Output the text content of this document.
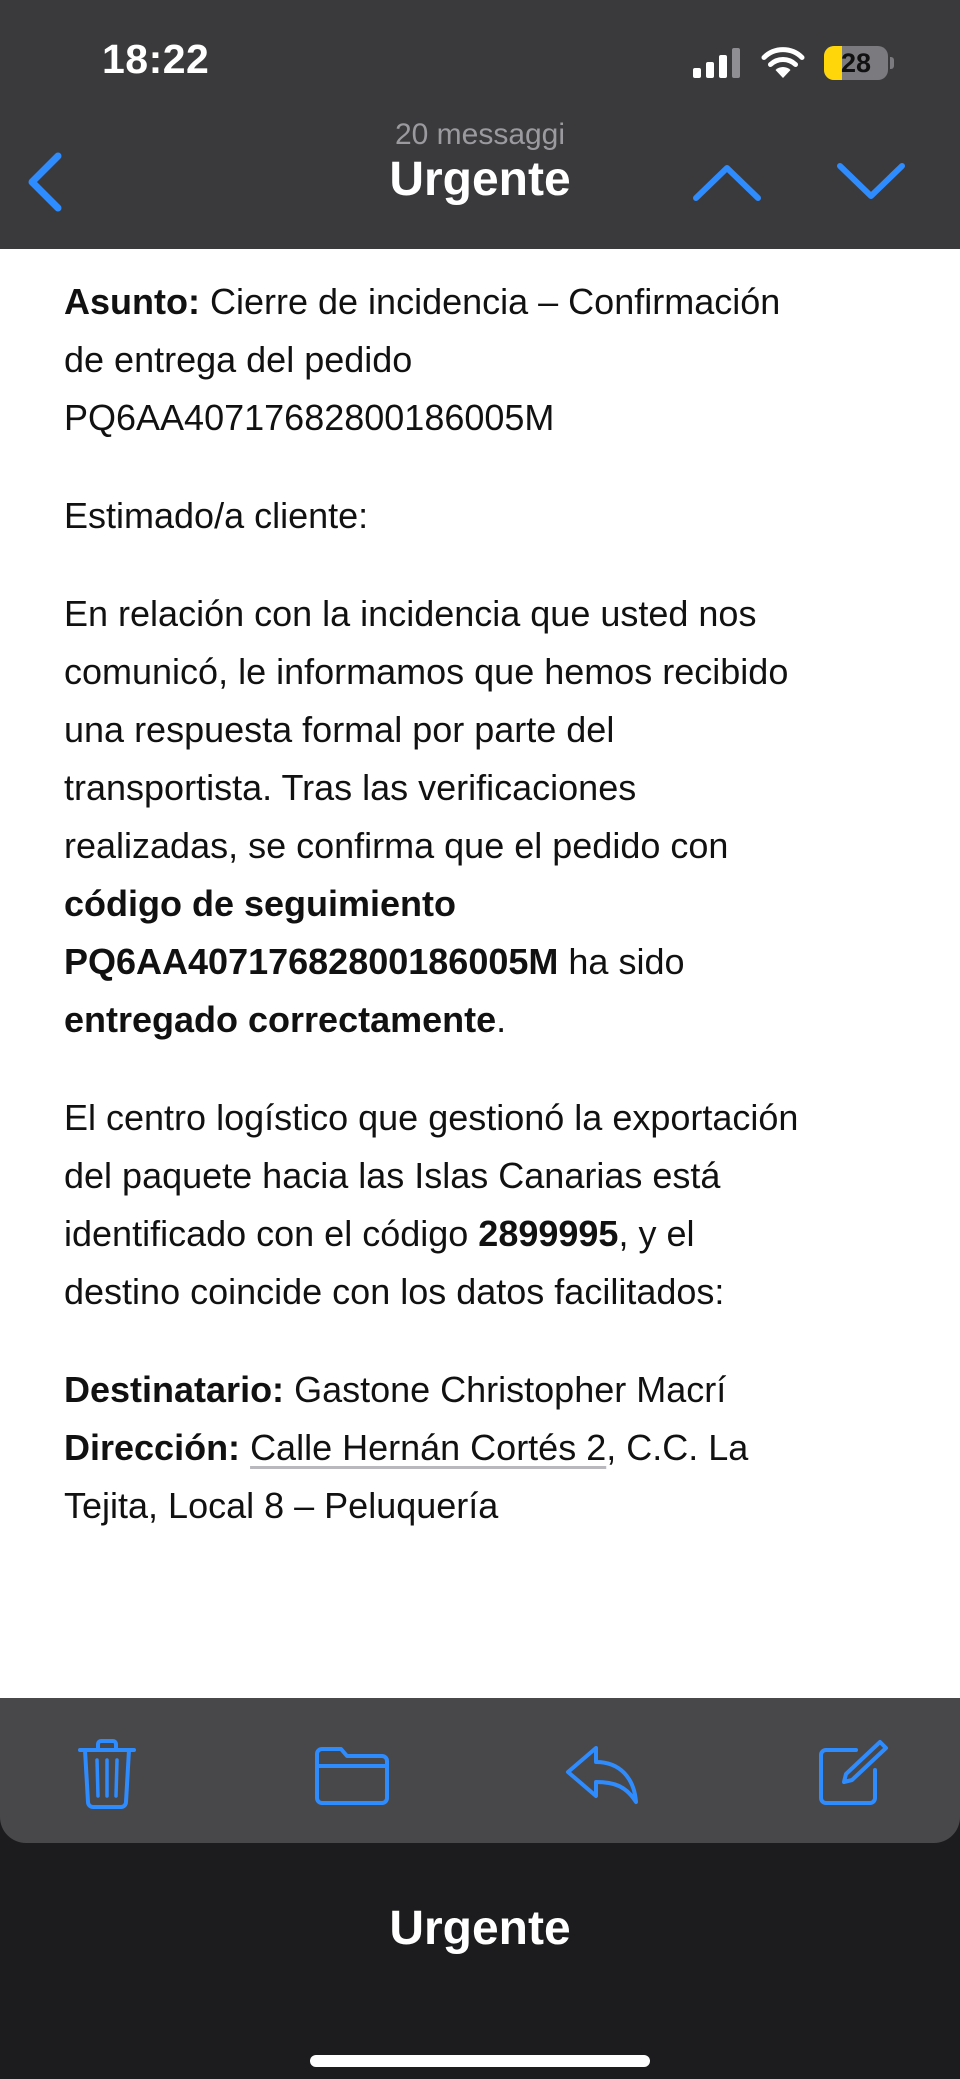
18:22	28
20 messaggi
Urgente

Asunto: Cierre de incidencia – Confirmación de entrega del pedido PQ6AA40717682800186005M

Estimado/a cliente:

En relación con la incidencia que usted nos comunicó, le informamos que hemos recibido una respuesta formal por parte del transportista. Tras las verificaciones realizadas, se confirma que el pedido con código de seguimiento PQ6AA40717682800186005M ha sido entregado correctamente.

El centro logístico que gestionó la exportación del paquete hacia las Islas Canarias está identificado con el código 2899995, y el destino coincide con los datos facilitados:

Destinatario: Gastone Christopher Macrí

Dirección: Calle Hernán Cortés 2, C.C. La Tejita, Local 8 – Peluquería

Urgente
